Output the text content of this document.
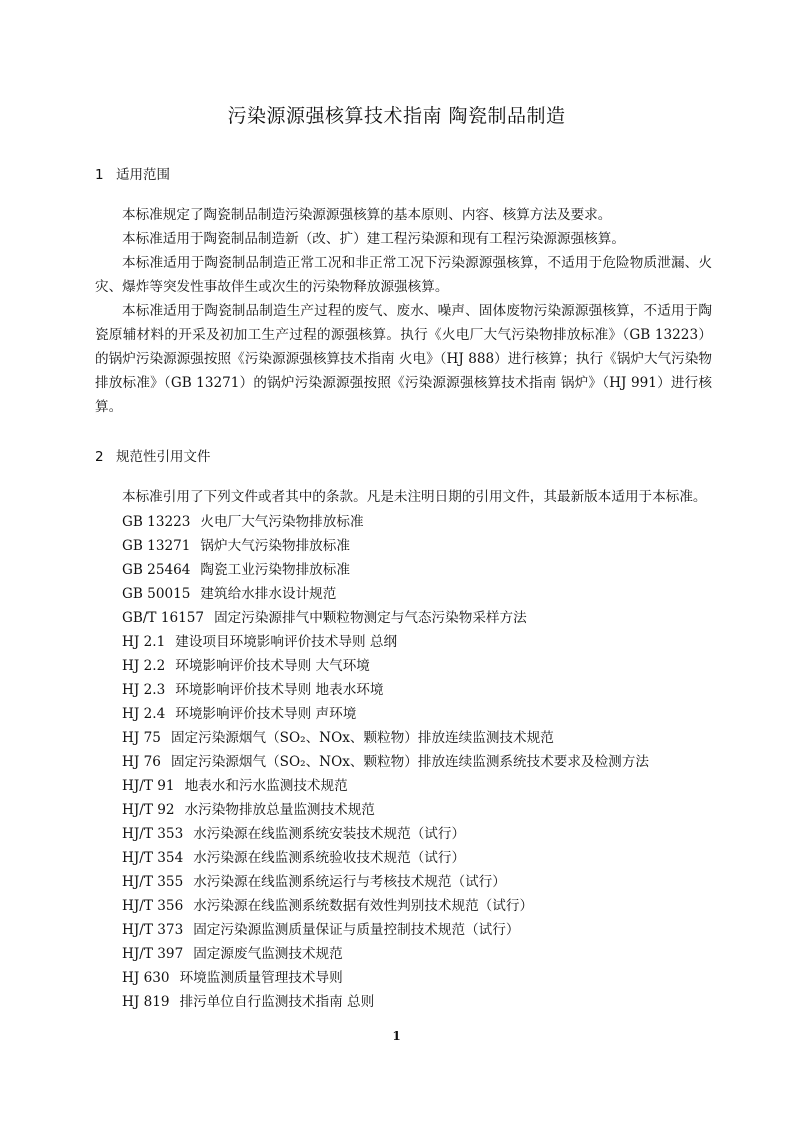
污染源源强核算技术指南 陶瓷制品制造
1 适用范围

本标准规定了陶瓷制品制造污染源源强核算的基本原则、内容、核算方法及要求。

本标准适用于陶瓷制品制造新（改、扩）建工程污染源和现有工程污染源源强核算。

本标准适用于陶瓷制品制造正常工况和非正常工况下污染源源强核算，不适用于危险物质泄漏、火灾、爆炸等突发性事故伴生或次生的污染物释放源强核算。

本标准适用于陶瓷制品制造生产过程的废气、废水、噪声、固体废物污染源源强核算，不适用于陶瓷原辅材料的开采及初加工生产过程的源强核算。执行《火电厂大气污染物排放标准》（GB 13223）的锅炉污染源源强按照《污染源源强核算技术指南 火电》（HJ 888）进行核算；执行《锅炉大气污染物排放标准》（GB 13271）的锅炉污染源源强按照《污染源源强核算技术指南 锅炉》（HJ 991）进行核算。

2 规范性引用文件

本标准引用了下列文件或者其中的条款。凡是未注明日期的引用文件，其最新版本适用于本标准。

GB 13223 火电厂大气污染物排放标准
GB 13271 锅炉大气污染物排放标准
GB 25464 陶瓷工业污染物排放标准
GB 50015 建筑给水排水设计规范
GB/T 16157 固定污染源排气中颗粒物测定与气态污染物采样方法
HJ 2.1 建设项目环境影响评价技术导则 总纲
HJ 2.2 环境影响评价技术导则 大气环境
HJ 2.3 环境影响评价技术导则 地表水环境
HJ 2.4 环境影响评价技术导则 声环境
HJ 75 固定污染源烟气（SO₂、NOx、颗粒物）排放连续监测技术规范
HJ 76 固定污染源烟气（SO₂、NOx、颗粒物）排放连续监测系统技术要求及检测方法
HJ/T 91 地表水和污水监测技术规范
HJ/T 92 水污染物排放总量监测技术规范
HJ/T 353 水污染源在线监测系统安装技术规范（试行）
HJ/T 354 水污染源在线监测系统验收技术规范（试行）
HJ/T 355 水污染源在线监测系统运行与考核技术规范（试行）
HJ/T 356 水污染源在线监测系统数据有效性判别技术规范（试行）
HJ/T 373 固定污染源监测质量保证与质量控制技术规范（试行）
HJ/T 397 固定源废气监测技术规范
HJ 630 环境监测质量管理技术导则
HJ 819 排污单位自行监测技术指南 总则
1
